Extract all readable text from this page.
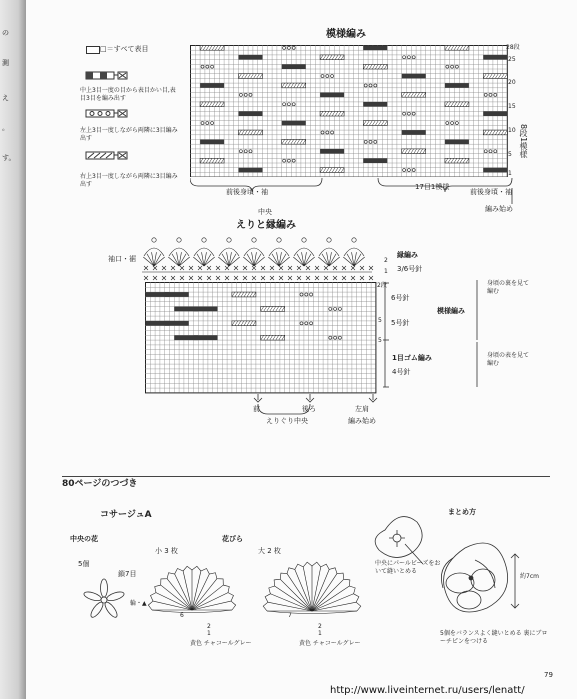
の
測
え
。
す。
模様編み
□＝すべて表目
中上3目一度の目から表目かい目,表目3目を編み出す
左上3目一度しながら両隣に3目編み出す
右上3目一度しながら両隣に3目編み出す
28段
25
20
15
10
5
1
8段1模様
前後身頃・袖
中央
17目1模様
前後身頃・袖
編み始め
えりと縁編み
袖口・裾	2
1
縁編み
3/6号針
2段
5
5
6号針
5号針
模様編み
1目ゴム編み
4号針
身頃の裏を見て編む
身頃の表を見て編む
前	後ろ
えりぐり中央
左肩
編み始め
80ページのつづき
コサージュA
中央の花
5個
鎖7目
輪・▲
花びら
小 3 枚	大 2 枚
6
2
1
7
2
1
黄色 チャコールグレー	黄色 チャコールグレー
まとめ方
中央にパールビーズをおいて縫いとめる
約7cm
5個をバランスよく縫いとめる 裏にブローチピンをつける
79
http://www.liveinternet.ru/users/lenatt/
